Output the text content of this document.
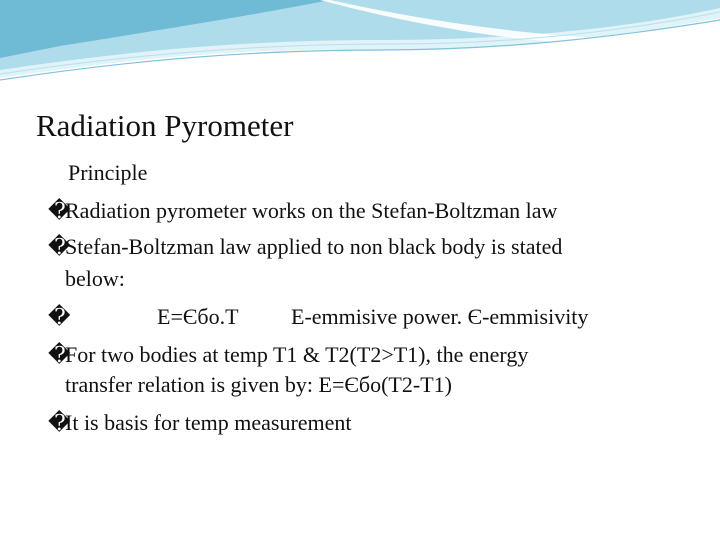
Radiation Pyrometer
Principle
�Radiation pyrometer works on the Stefan-Boltzman law
�Stefan-Boltzman law applied to non black body is stated
below:
�	E=Єбo.T E-emmisive power. Є-emmisivity
�For two bodies at temp T1 & T2(T2>T1), the energy
transfer relation is given by: E=Єбo(T2-T1)
�It is basis for temp measurement
